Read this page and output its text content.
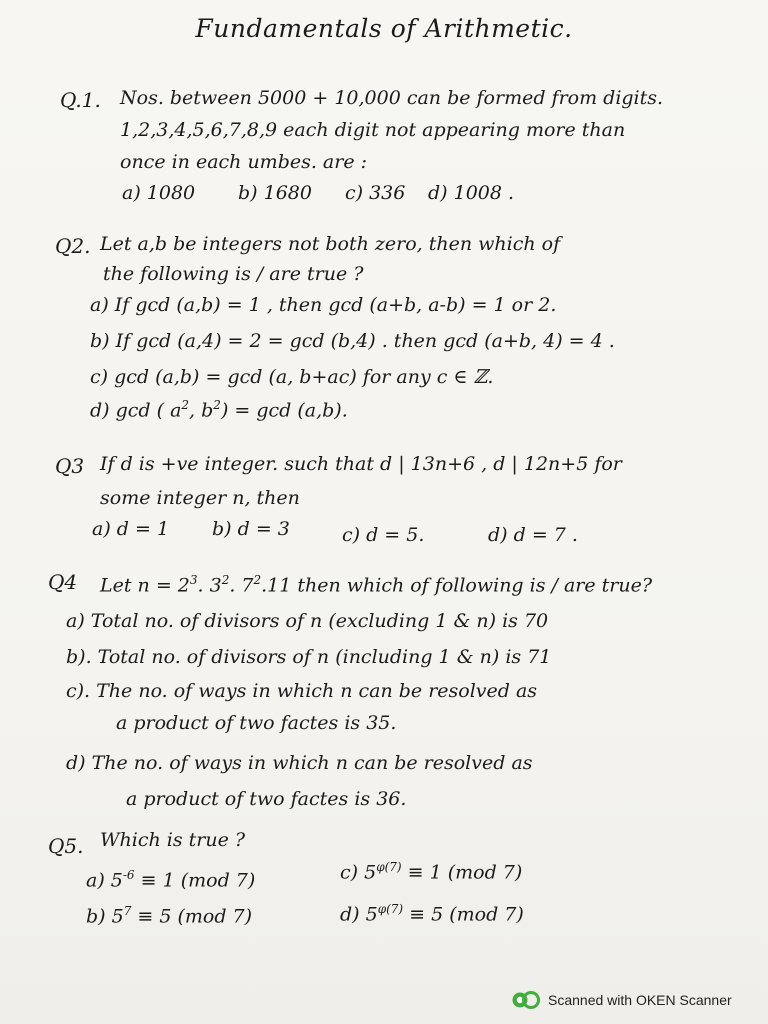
Fundamentals of Arithmetic.
Q.1. Nos. between 5000 + 10,000 can be formed from digits.
1,2,3,4,5,6,7,8,9 each digit not appearing more than
once in each umbes. are :
a) 1080 b) 1680 c) 336 d) 1008 .
Q2. Let a,b be integers not both zero, then which of
the following is / are true ?
a) If gcd (a,b) = 1 , then gcd (a+b, a-b) = 1 or 2.
b) If gcd (a,4) = 2 = gcd (b,4) . then gcd (a+b, 4) = 4 .
c) gcd (a,b) = gcd (a, b+ac) for any c ∈ ℤ.
d) gcd ( $a^2$, $b^2) = \gcd (a,b)$.
Q3 If d is +ve integer. such that d | 13n+6 , d | 12n+5 for
some integer n, then
a) d = 1 b) d = 3	c) d = 5.	d) d = 7 .
Q4 Let $n = 2^3$. $3^2$. $7^2.11$ then which of following is / are true?
a) Total no. of divisors of n (excluding 1 & n) is 70
b). Total no. of divisors of n (including 1 & n) is 71
c). The no. of ways in which n can be resolved as
a product of two factes is 35.
d) The no. of ways in which n can be resolved as
a product of two factes is 36.
Q5. Which is true ?
a) $5^{-6} \equiv 1$ (mod 7)
b) $5^7 \equiv 5$ (mod 7)
c) $5^{\varphi(7)} \equiv 1$ (mod 7)
d) $5^{\varphi(7)} \equiv 5$ (mod 7)
Scanned with OKEN Scanner
